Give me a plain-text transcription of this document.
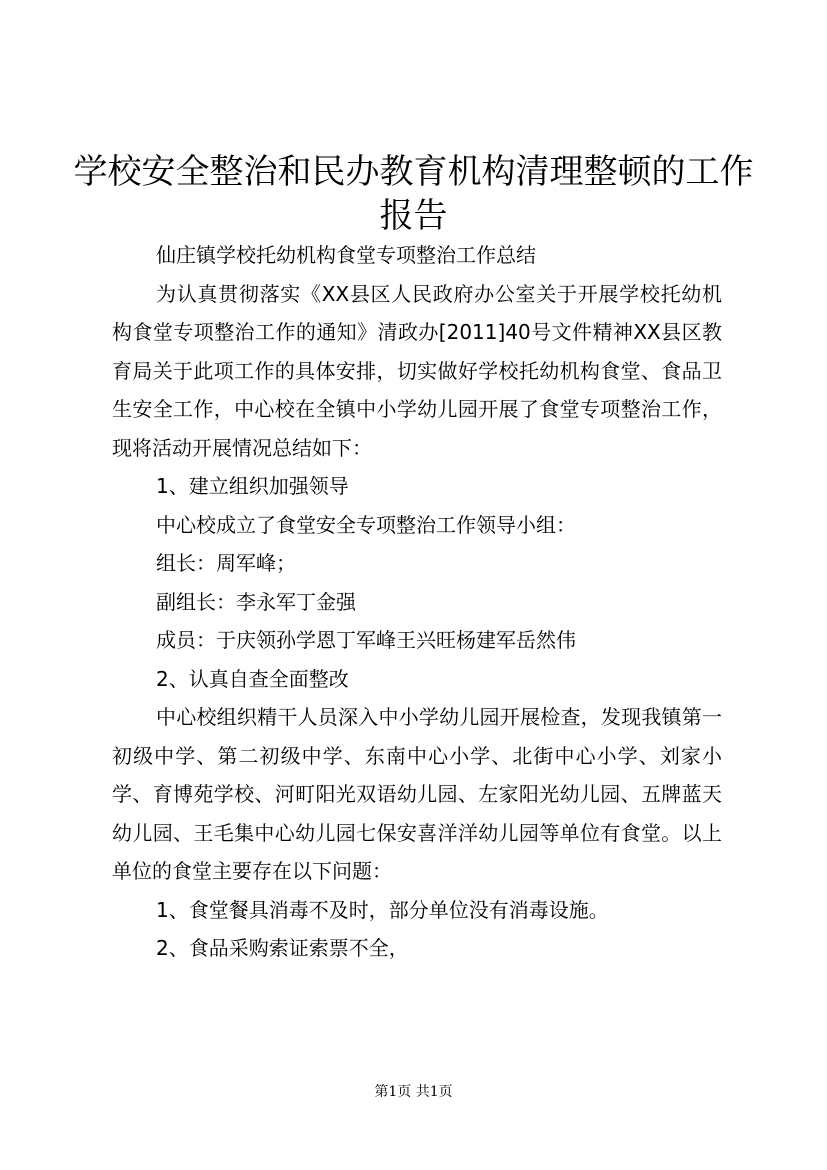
学校安全整治和民办教育机构清理整顿的工作
报告

仙庄镇学校托幼机构食堂专项整治工作总结

为认真贯彻落实《XX县区人民政府办公室关于开展学校托幼机构食堂专项整治工作的通知》清政办[2011]40号文件精神XX县区教育局关于此项工作的具体安排，切实做好学校托幼机构食堂、食品卫生安全工作，中心校在全镇中小学幼儿园开展了食堂专项整治工作，现将活动开展情况总结如下：

1、建立组织加强领导

中心校成立了食堂安全专项整治工作领导小组：

组长：周军峰；

副组长：李永军丁金强

成员：于庆领孙学恩丁军峰王兴旺杨建军岳然伟

2、认真自查全面整改

中心校组织精干人员深入中小学幼儿园开展检查，发现我镇第一初级中学、第二初级中学、东南中心小学、北街中心小学、刘家小学、育博苑学校、河町阳光双语幼儿园、左家阳光幼儿园、五牌蓝天幼儿园、王毛集中心幼儿园七保安喜洋洋幼儿园等单位有食堂。以上单位的食堂主要存在以下问题：

1、食堂餐具消毒不及时，部分单位没有消毒设施。

2、食品采购索证索票不全，

第1页 共1页
